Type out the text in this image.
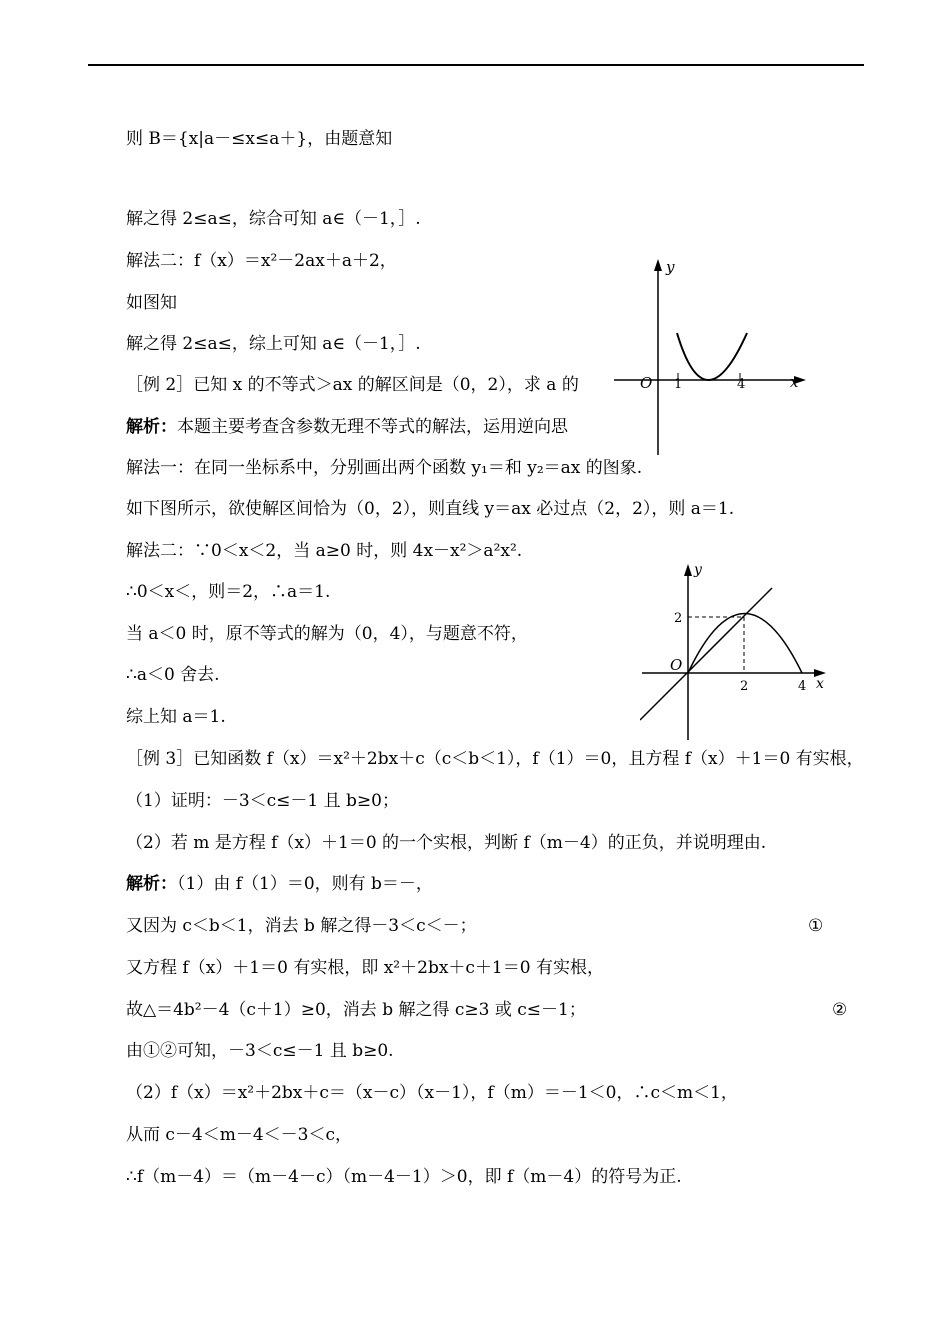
则 B＝{x|a－≤x≤a＋}，由题意知
解之得 2≤a≤，综合可知 a∈（－1，］.
解法二：f（x）＝x²－2ax＋a＋2，
如图知
解之得 2≤a≤，综上可知 a∈（－1，］.
［例 2］已知 x 的不等式＞ax 的解区间是（0，2），求 a 的
解析：本题主要考查含参数无理不等式的解法，运用逆向思
解法一：在同一坐标系中，分别画出两个函数 y₁＝和 y₂＝ax 的图象.
如下图所示，欲使解区间恰为（0，2），则直线 y＝ax 必过点（2，2），则 a＝1.
解法二：∵0＜x＜2，当 a≥0 时，则 4x－x²＞a²x².
∴0＜x＜，则＝2，∴a＝1.
当 a＜0 时，原不等式的解为（0，4），与题意不符，
∴a＜0 舍去.
综上知 a＝1.
［例 3］已知函数 f（x）＝x²＋2bx＋c（c＜b＜1），f（1）＝0，且方程 f（x）＋1＝0 有实根，
（1）证明：－3＜c≤－1 且 b≥0；
（2）若 m 是方程 f（x）＋1＝0 的一个实根，判断 f（m－4）的正负，并说明理由.
解析：（1）由 f（1）＝0，则有 b＝－，
又因为 c＜b＜1，消去 b 解之得－3＜c＜－；	①
又方程 f（x）＋1＝0 有实根，即 x²＋2bx＋c＋1＝0 有实根，
故△＝4b²－4（c＋1）≥0，消去 b 解之得 c≥3 或 c≤－1；	②
由①②可知，－3＜c≤－1 且 b≥0.
（2）f（x）＝x²＋2bx＋c＝（x－c）（x－1），f（m）＝－1＜0，∴c＜m＜1，
从而 c－4＜m－4＜－3＜c，
∴f（m－4）＝（m－4－c）（m－4－1）＞0，即 f（m－4）的符号为正.
y
x
O 1	4
y
x
O
2	4
2
